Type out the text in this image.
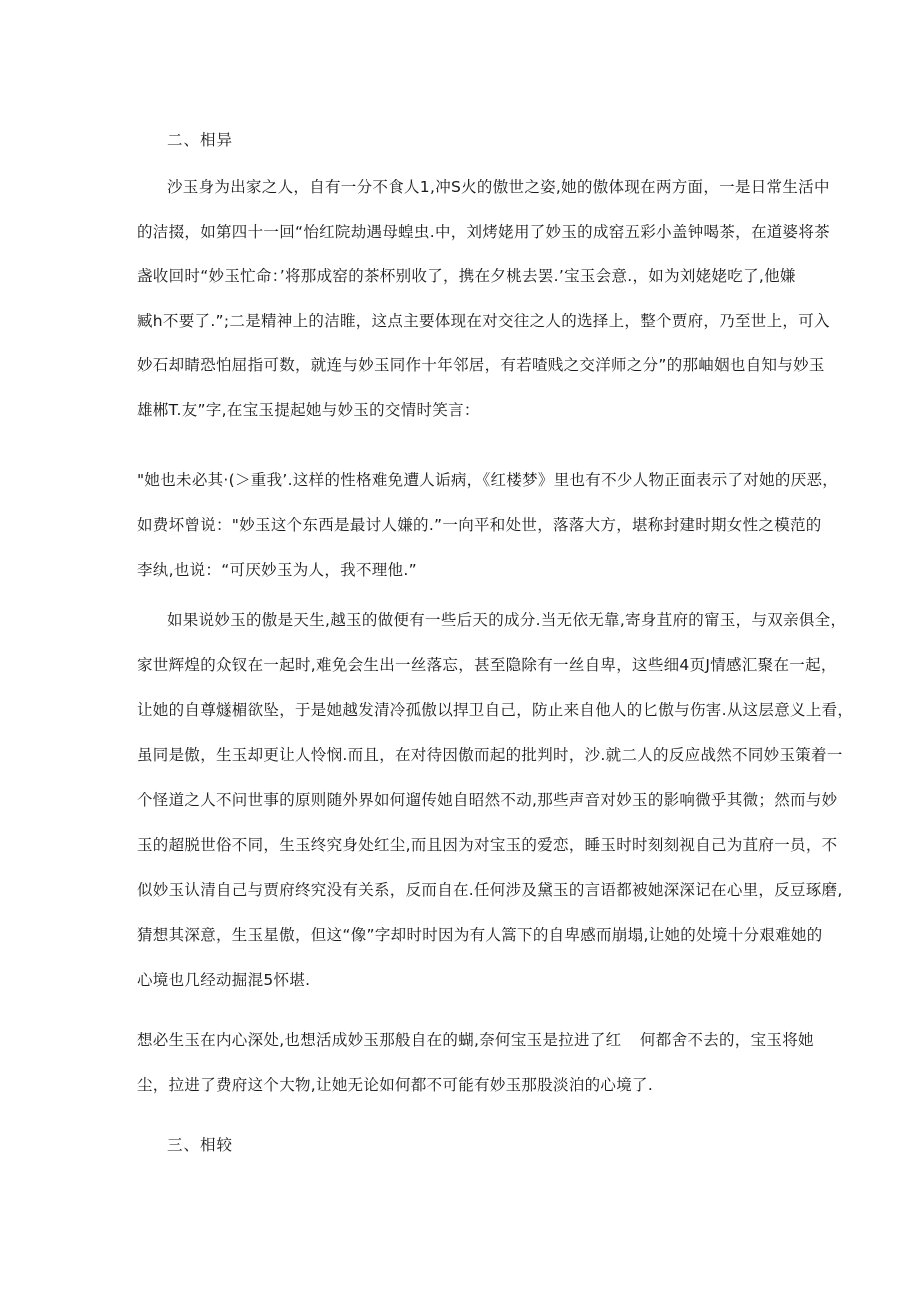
二、相异
沙玉身为出家之人，自有一分不食人1,冲S火的傲世之姿,她的傲体现在两方面，一是日常生活中
的洁掇，如第四十一回“怡红院劫遇母蝗虫.中，刘烤姥用了妙玉的成窑五彩小盖钟喝茶，在道婆将茶
盏收回时“妙玉忙命：’将那成窑的茶杯别收了，携在夕桃去罢.’宝玉会意.，如为刘姥姥吃了,他嫌
臧h不要了.”;二是精神上的洁睢，这点主要体现在对交往之人的选择上，整个贾府，乃至世上，可入
妙石却睛恐怕屈指可数，就连与妙玉同作十年邻居，有若喳贱之交洋师之分”的那岫姻也自知与妙玉
雄郴T.友”字,在宝玉提起她与妙玉的交情时笑言：
"她也未必其·(＞重我’.这样的性格难免遭人诟病，《红楼梦》里也有不少人物正面表示了对她的厌恶，
如费坏曾说："妙玉这个东西是最讨人嫌的.”一向平和处世，落落大方，堪称封建时期女性之模范的
李纨,也说：“可厌妙玉为人，我不理他.”
如果说妙玉的傲是天生,越玉的做便有一些后天的成分.当无依无靠,寄身苴府的甯玉，与双亲俱全，
家世辉煌的众钗在一起时,难免会生出一丝落忘，甚至隐除有一丝自卑，这些细4页J情感汇聚在一起，
让她的自尊燧楣欲坠，于是她越发清冷孤傲以捍卫自己，防止来自他人的匕傲与伤害.从这层意义上看，
虽同是傲，生玉却更让人怜悯.而且，在对待因傲而起的批判时，沙.就二人的反应战然不同妙玉策着一
个怪道之人不问世事的原则随外界如何遛传她自昭然不动,那些声音对妙玉的影响微乎其微；然而与妙
玉的超脱世俗不同，生玉终究身处红尘,而且因为对宝玉的爱恋，睡玉时时刻刻视自己为苴府一员，不
似妙玉认清自己与贾府终究没有关系，反而自在.任何涉及黛玉的言语都被她深深记在心里，反豆琢磨,
猜想其深意，生玉星傲，但这“像”字却时时因为有人篙下的自卑感而崩塌,让她的处境十分艰难她的
心境也几经动掘混5怀堪.
想必生玉在内心深处,也想活成妙玉那般自在的蝴,奈何宝玉是拉进了红 何都舍不去的，宝玉将她
尘，拉进了费府这个大物,让她无论如何都不可能有妙玉那股淡泊的心境了.
三、相较
